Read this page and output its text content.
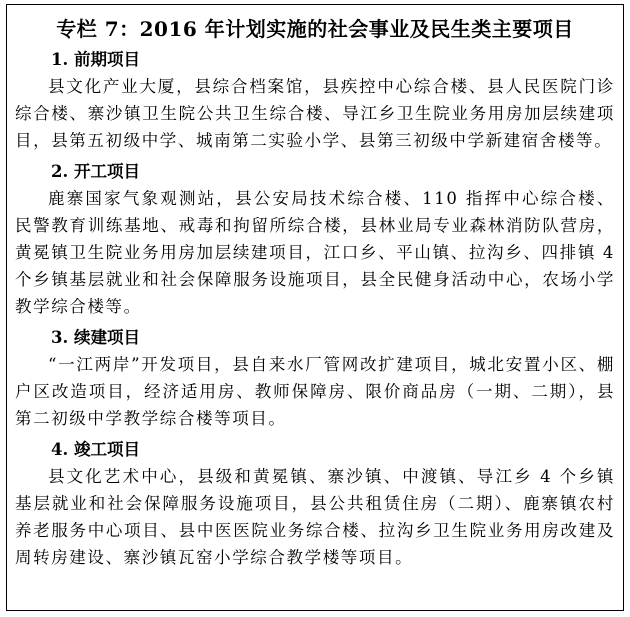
专栏 7：2016 年计划实施的社会事业及民生类主要项目
1. 前期项目

县文化产业大厦，县综合档案馆，县疾控中心综合楼、县人民医院门诊综合楼、寨沙镇卫生院公共卫生综合楼、导江乡卫生院业务用房加层续建项目，县第五初级中学、城南第二实验小学、县第三初级中学新建宿舍楼等。

2. 开工项目

鹿寨国家气象观测站，县公安局技术综合楼、110 指挥中心综合楼、民警教育训练基地、戒毒和拘留所综合楼，县林业局专业森林消防队营房，黄冕镇卫生院业务用房加层续建项目，江口乡、平山镇、拉沟乡、四排镇 4 个乡镇基层就业和社会保障服务设施项目，县全民健身活动中心，农场小学教学综合楼等。

3. 续建项目

“一江两岸”开发项目，县自来水厂管网改扩建项目，城北安置小区、棚户区改造项目，经济适用房、教师保障房、限价商品房（一期、二期），县第二初级中学教学综合楼等项目。

4. 竣工项目

县文化艺术中心，县级和黄冕镇、寨沙镇、中渡镇、导江乡 4 个乡镇基层就业和社会保障服务设施项目，县公共租赁住房（二期）、鹿寨镇农村养老服务中心项目、县中医医院业务综合楼、拉沟乡卫生院业务用房改建及周转房建设、寨沙镇瓦窑小学综合教学楼等项目。
